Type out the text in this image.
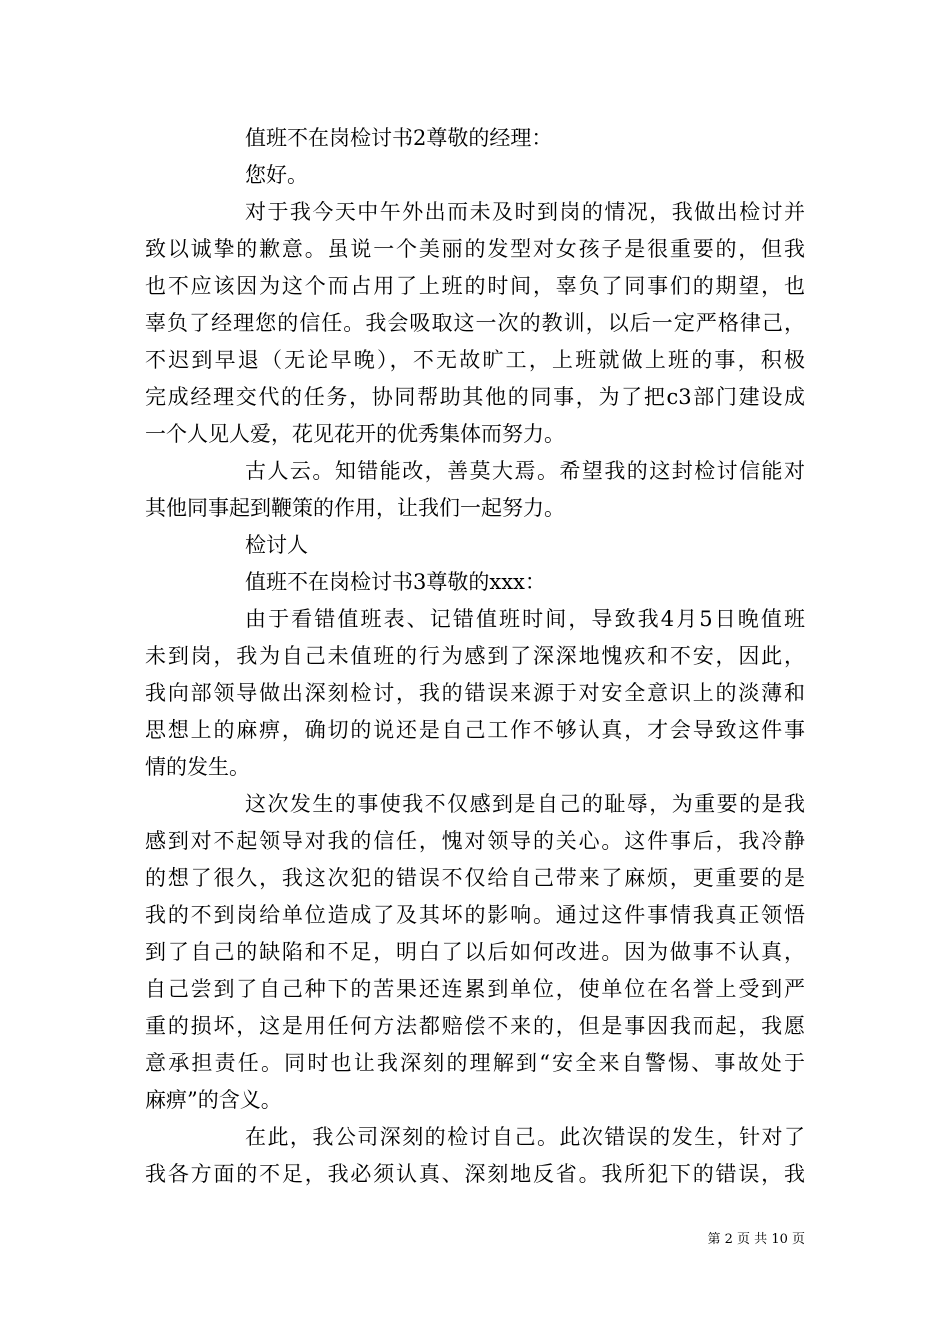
值班不在岗检讨书2尊敬的经理：
您好。
对于我今天中午外出而未及时到岗的情况，我做出检讨并
致以诚挚的歉意。虽说一个美丽的发型对女孩子是很重要的，但我
也不应该因为这个而占用了上班的时间，辜负了同事们的期望，也
辜负了经理您的信任。我会吸取这一次的教训，以后一定严格律己，
不迟到早退（无论早晚），不无故旷工，上班就做上班的事，积极
完成经理交代的任务，协同帮助其他的同事，为了把c3部门建设成
一个人见人爱，花见花开的优秀集体而努力。
古人云。知错能改，善莫大焉。希望我的这封检讨信能对
其他同事起到鞭策的作用，让我们一起努力。
检讨人
值班不在岗检讨书3尊敬的xxx：
由于看错值班表、记错值班时间，导致我4月5日晚值班
未到岗，我为自己未值班的行为感到了深深地愧疚和不安，因此，
我向部领导做出深刻检讨，我的错误来源于对安全意识上的淡薄和
思想上的麻痹，确切的说还是自己工作不够认真，才会导致这件事
情的发生。
这次发生的事使我不仅感到是自己的耻辱，为重要的是我
感到对不起领导对我的信任，愧对领导的关心。这件事后，我冷静
的想了很久，我这次犯的错误不仅给自己带来了麻烦，更重要的是
我的不到岗给单位造成了及其坏的影响。通过这件事情我真正领悟
到了自己的缺陷和不足，明白了以后如何改进。因为做事不认真，
自己尝到了自己种下的苦果还连累到单位，使单位在名誉上受到严
重的损坏，这是用任何方法都赔偿不来的，但是事因我而起，我愿
意承担责任。同时也让我深刻的理解到“安全来自警惕、事故处于
麻痹”的含义。
在此，我公司深刻的检讨自己。此次错误的发生，针对了
我各方面的不足，我必须认真、深刻地反省。我所犯下的错误，我
第 2 页 共 10 页
